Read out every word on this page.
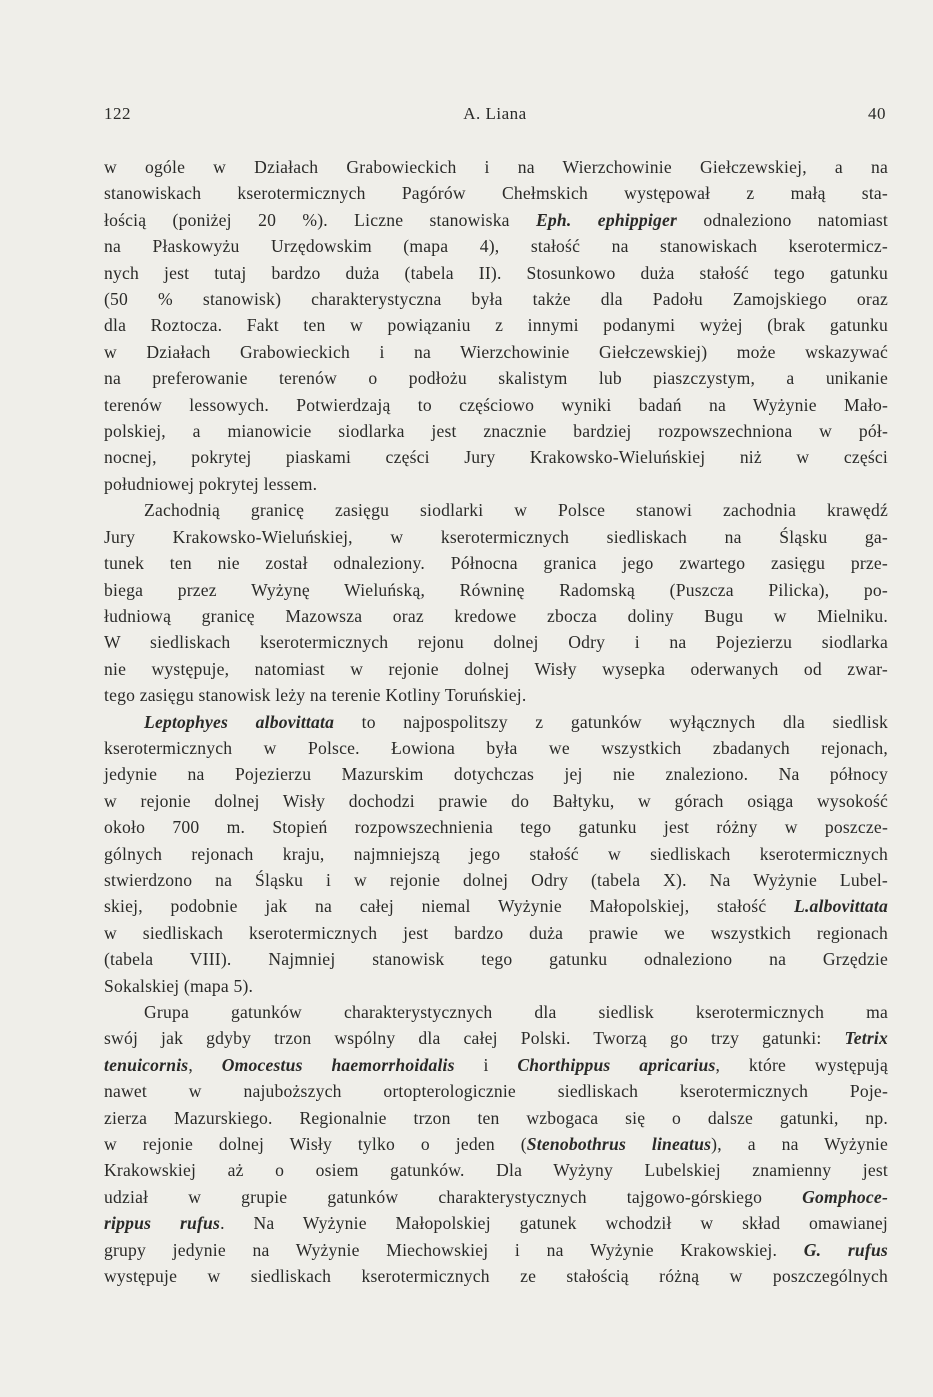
122	A. Liana	40
w ogóle w Działach Grabowieckich i na Wierzchowinie Giełczewskiej, a na
stanowiskach kserotermicznych Pagórów Chełmskich występował z małą sta-
łością (poniżej 20 %). Liczne stanowiska Eph. ephippiger odnaleziono natomiast
na Płaskowyżu Urzędowskim (mapa 4), stałość na stanowiskach kserotermicz-
nych jest tutaj bardzo duża (tabela II). Stosunkowo duża stałość tego gatunku
(50 % stanowisk) charakterystyczna była także dla Padołu Zamojskiego oraz
dla Roztocza. Fakt ten w powiązaniu z innymi podanymi wyżej (brak gatunku
w Działach Grabowieckich i na Wierzchowinie Giełczewskiej) może wskazywać
na preferowanie terenów o podłożu skalistym lub piaszczystym, a unikanie
terenów lessowych. Potwierdzają to częściowo wyniki badań na Wyżynie Mało-
polskiej, a mianowicie siodlarka jest znacznie bardziej rozpowszechniona w pół-
nocnej, pokrytej piaskami części Jury Krakowsko-Wieluńskiej niż w części
południowej pokrytej lessem.
Zachodnią granicę zasięgu siodlarki w Polsce stanowi zachodnia krawędź
Jury Krakowsko-Wieluńskiej, w kserotermicznych siedliskach na Śląsku ga-
tunek ten nie został odnaleziony. Północna granica jego zwartego zasięgu prze-
biega przez Wyżynę Wieluńską, Równinę Radomską (Puszcza Pilicka), po-
łudniową granicę Mazowsza oraz kredowe zbocza doliny Bugu w Mielniku.
W siedliskach kserotermicznych rejonu dolnej Odry i na Pojezierzu siodlarka
nie występuje, natomiast w rejonie dolnej Wisły wysepka oderwanych od zwar-
tego zasięgu stanowisk leży na terenie Kotliny Toruńskiej.
Leptophyes albovittata to najpospolitszy z gatunków wyłącznych dla siedlisk
kserotermicznych w Polsce. Łowiona była we wszystkich zbadanych rejonach,
jedynie na Pojezierzu Mazurskim dotychczas jej nie znaleziono. Na północy
w rejonie dolnej Wisły dochodzi prawie do Bałtyku, w górach osiąga wysokość
około 700 m. Stopień rozpowszechnienia tego gatunku jest różny w poszcze-
gólnych rejonach kraju, najmniejszą jego stałość w siedliskach kserotermicznych
stwierdzono na Śląsku i w rejonie dolnej Odry (tabela X). Na Wyżynie Lubel-
skiej, podobnie jak na całej niemal Wyżynie Małopolskiej, stałość L.albovittata
w siedliskach kserotermicznych jest bardzo duża prawie we wszystkich regionach
(tabela VIII). Najmniej stanowisk tego gatunku odnaleziono na Grzędzie
Sokalskiej (mapa 5).
Grupa gatunków charakterystycznych dla siedlisk kserotermicznych ma
swój jak gdyby trzon wspólny dla całej Polski. Tworzą go trzy gatunki: Tetrix
tenuicornis, Omocestus haemorrhoidalis i Chorthippus apricarius, które występują
nawet w najuboższych ortopterologicznie siedliskach kserotermicznych Poje-
zierza Mazurskiego. Regionalnie trzon ten wzbogaca się o dalsze gatunki, np.
w rejonie dolnej Wisły tylko o jeden (Stenobothrus lineatus), a na Wyżynie
Krakowskiej aż o osiem gatunków. Dla Wyżyny Lubelskiej znamienny jest
udział w grupie gatunków charakterystycznych tajgowo-górskiego Gomphoce-
rippus rufus. Na Wyżynie Małopolskiej gatunek wchodził w skład omawianej
grupy jedynie na Wyżynie Miechowskiej i na Wyżynie Krakowskiej. G. rufus
występuje w siedliskach kserotermicznych ze stałością różną w poszczególnych
